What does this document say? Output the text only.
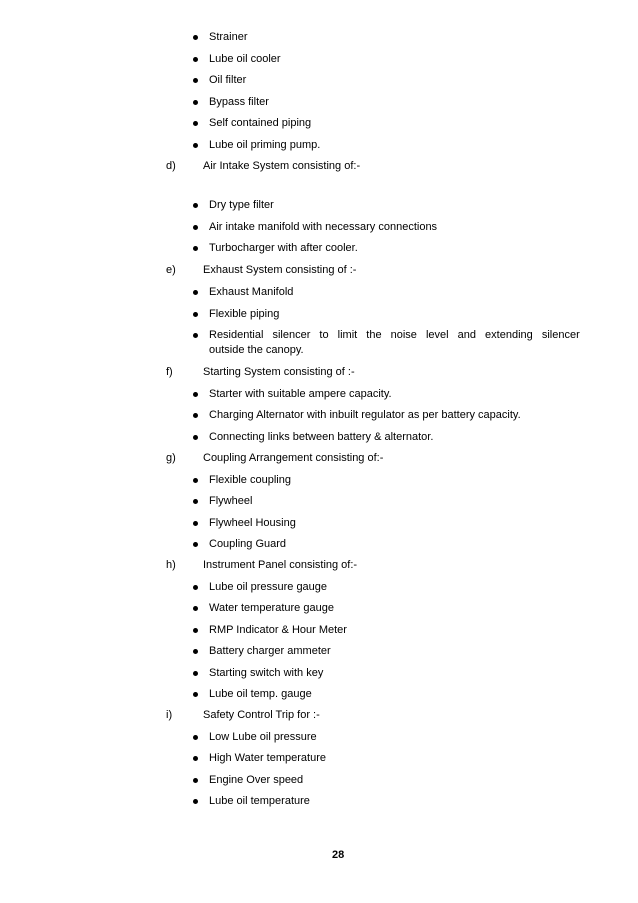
Strainer
Lube oil cooler
Oil filter
Bypass filter
Self contained piping
Lube oil priming pump.
d) Air Intake System consisting of:-
Dry type filter
Air intake manifold with necessary connections
Turbocharger with after cooler.
e) Exhaust System consisting of :-
Exhaust Manifold
Flexible piping
Residential silencer to limit the noise level and extending silencer
outside the canopy.
f)	Starting System consisting of :-
Starter with suitable ampere capacity.
Charging Alternator with inbuilt regulator as per battery capacity.
Connecting links between battery & alternator.
g) Coupling Arrangement consisting of:-
Flexible coupling
Flywheel
Flywheel Housing
Coupling Guard
h) Instrument Panel consisting of:-
Lube oil pressure gauge
Water temperature gauge
RMP Indicator & Hour Meter
Battery charger ammeter
Starting switch with key
Lube oil temp. gauge
i)	Safety Control Trip for :-
Low Lube oil pressure
High Water temperature
Engine Over speed
Lube oil temperature
28
